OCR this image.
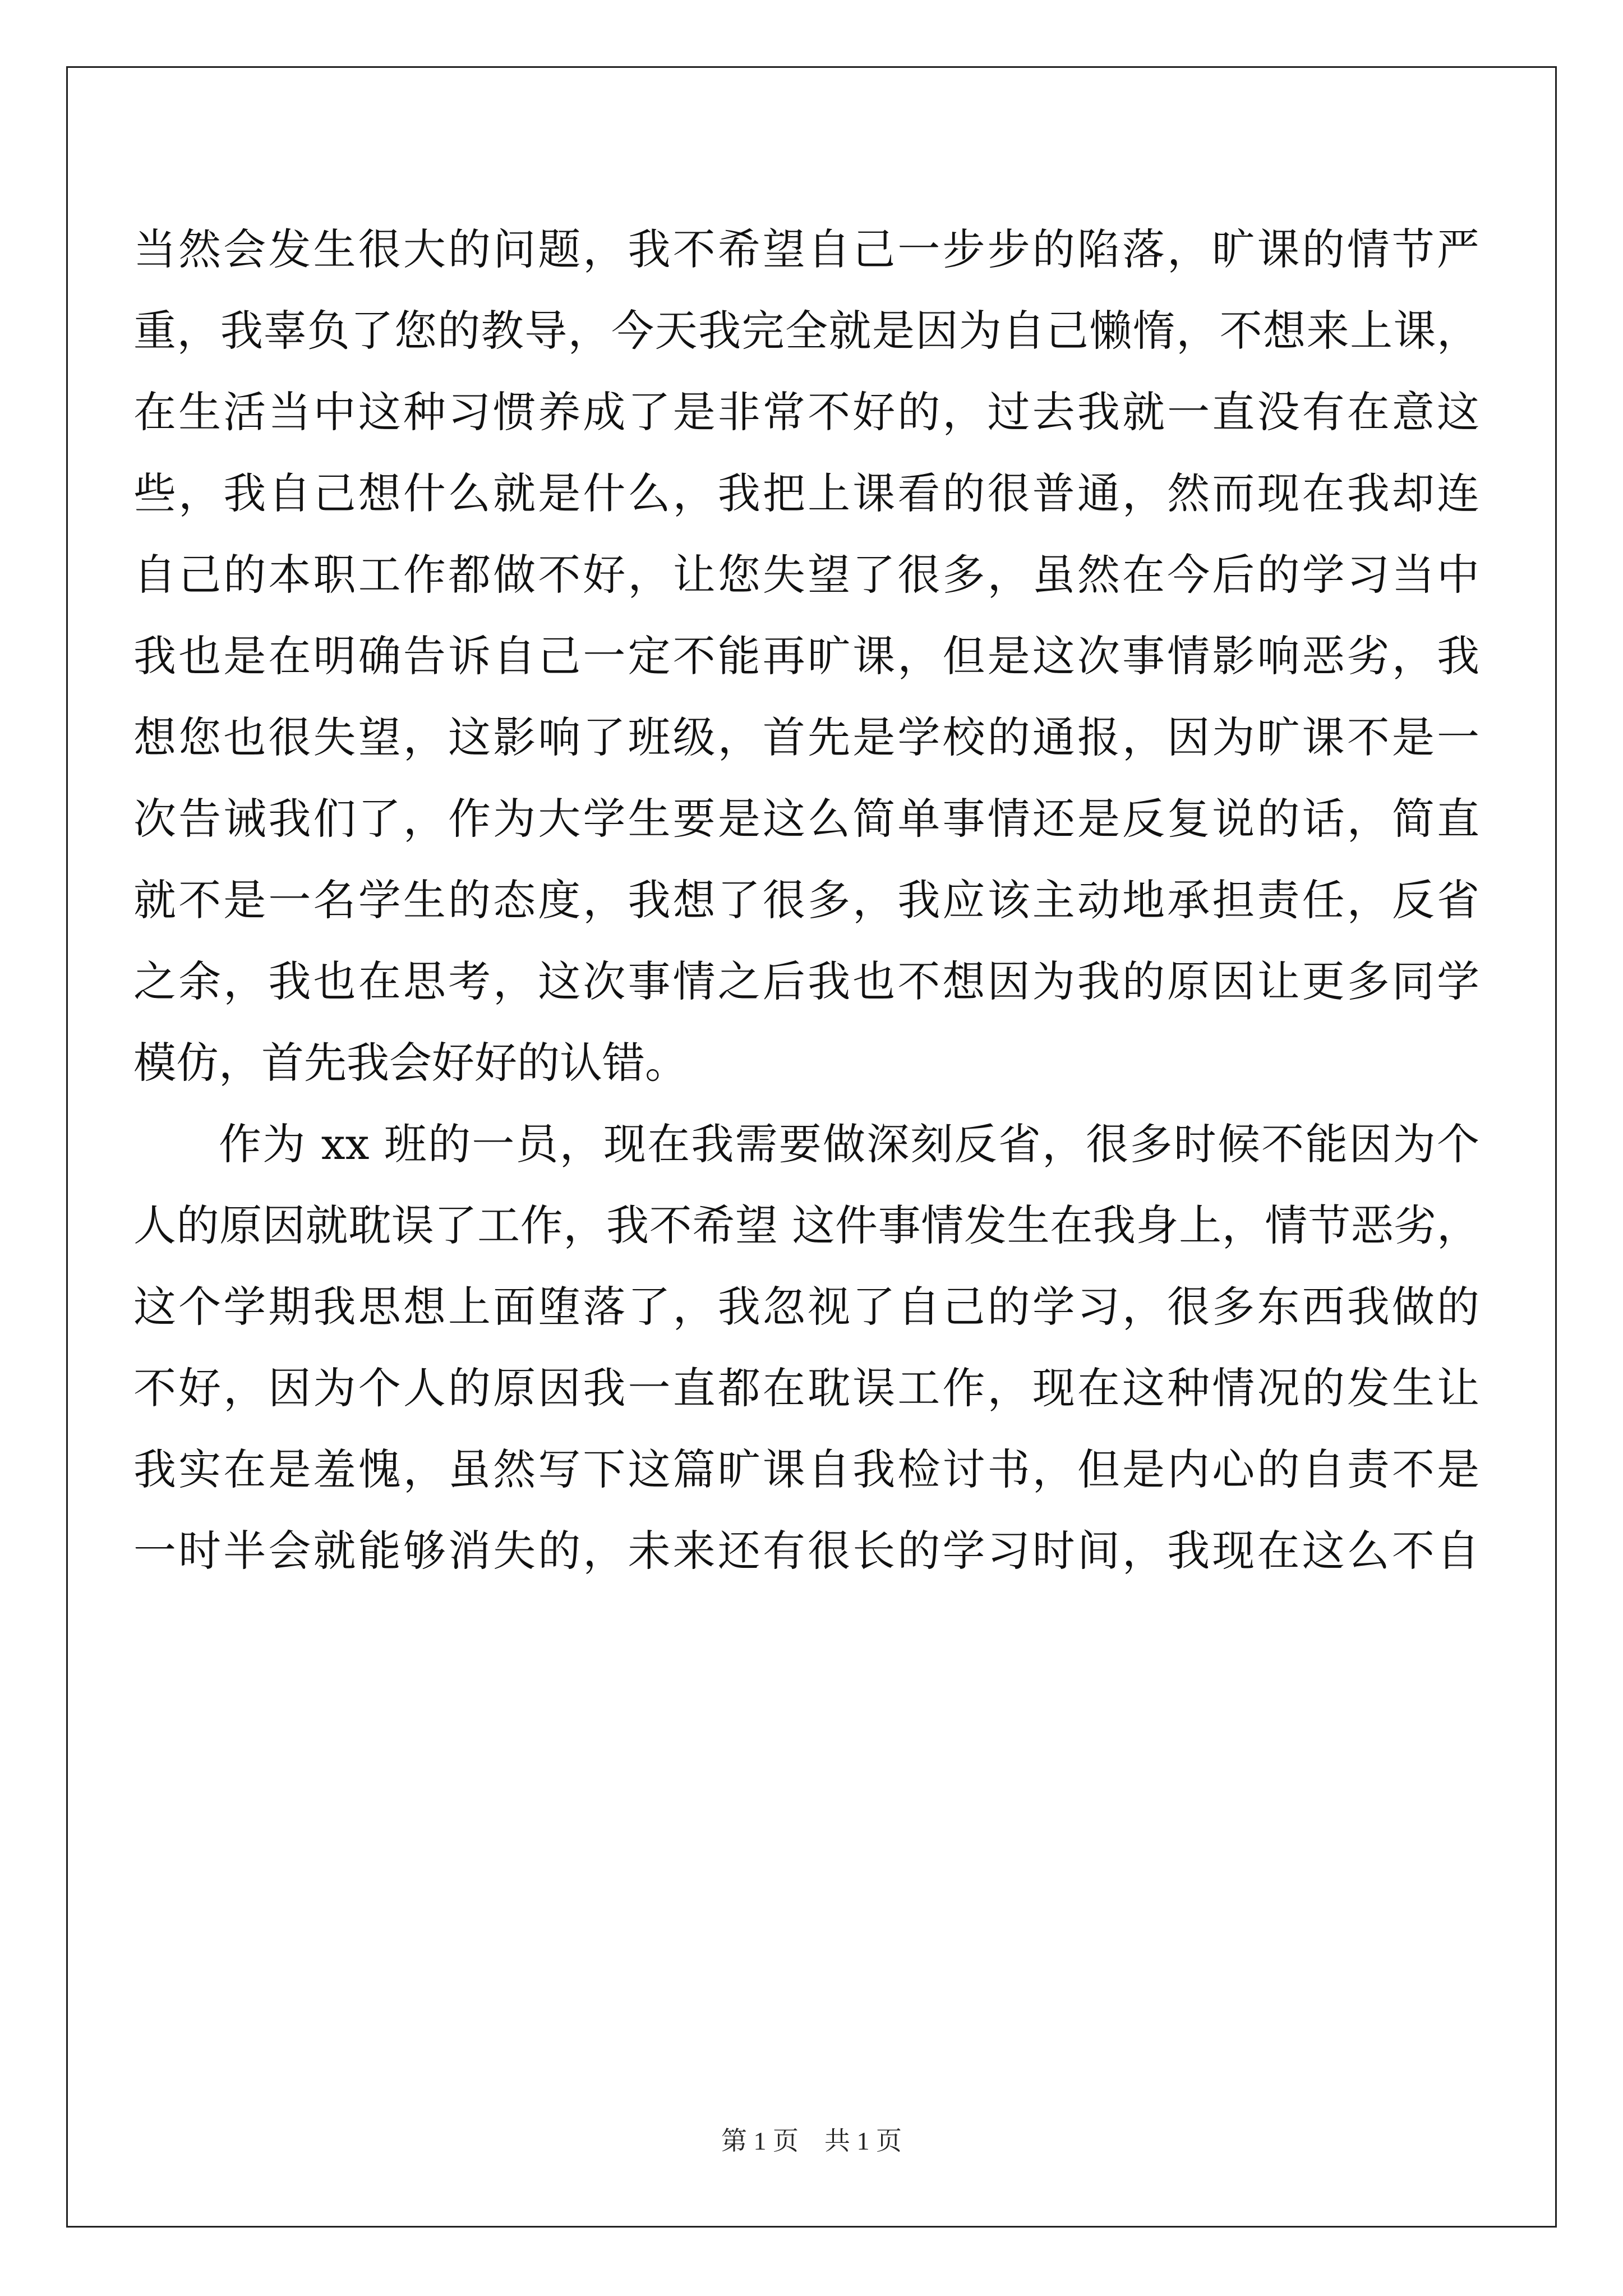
当然会发生很大的问题，我不希望自己一步步的陷落，旷课的情节严
重，我辜负了您的教导，今天我完全就是因为自己懒惰，不想来上课，
在生活当中这种习惯养成了是非常不好的，过去我就一直没有在意这
些，我自己想什么就是什么，我把上课看的很普通，然而现在我却连
自己的本职工作都做不好，让您失望了很多，虽然在今后的学习当中
我也是在明确告诉自己一定不能再旷课，但是这次事情影响恶劣，我
想您也很失望，这影响了班级，首先是学校的通报，因为旷课不是一
次告诫我们了，作为大学生要是这么简单事情还是反复说的话，简直
就不是一名学生的态度，我想了很多，我应该主动地承担责任，反省
之余，我也在思考，这次事情之后我也不想因为我的原因让更多同学
模仿，首先我会好好的认错。
作为 xx 班的一员，现在我需要做深刻反省，很多时候不能因为个
人的原因就耽误了工作，我不希望 这件事情发生在我身上，情节恶劣，
这个学期我思想上面堕落了，我忽视了自己的学习，很多东西我做的
不好，因为个人的原因我一直都在耽误工作，现在这种情况的发生让
我实在是羞愧，虽然写下这篇旷课自我检讨书，但是内心的自责不是
一时半会就能够消失的，未来还有很长的学习时间，我现在这么不自
第 1 页　共 1 页
